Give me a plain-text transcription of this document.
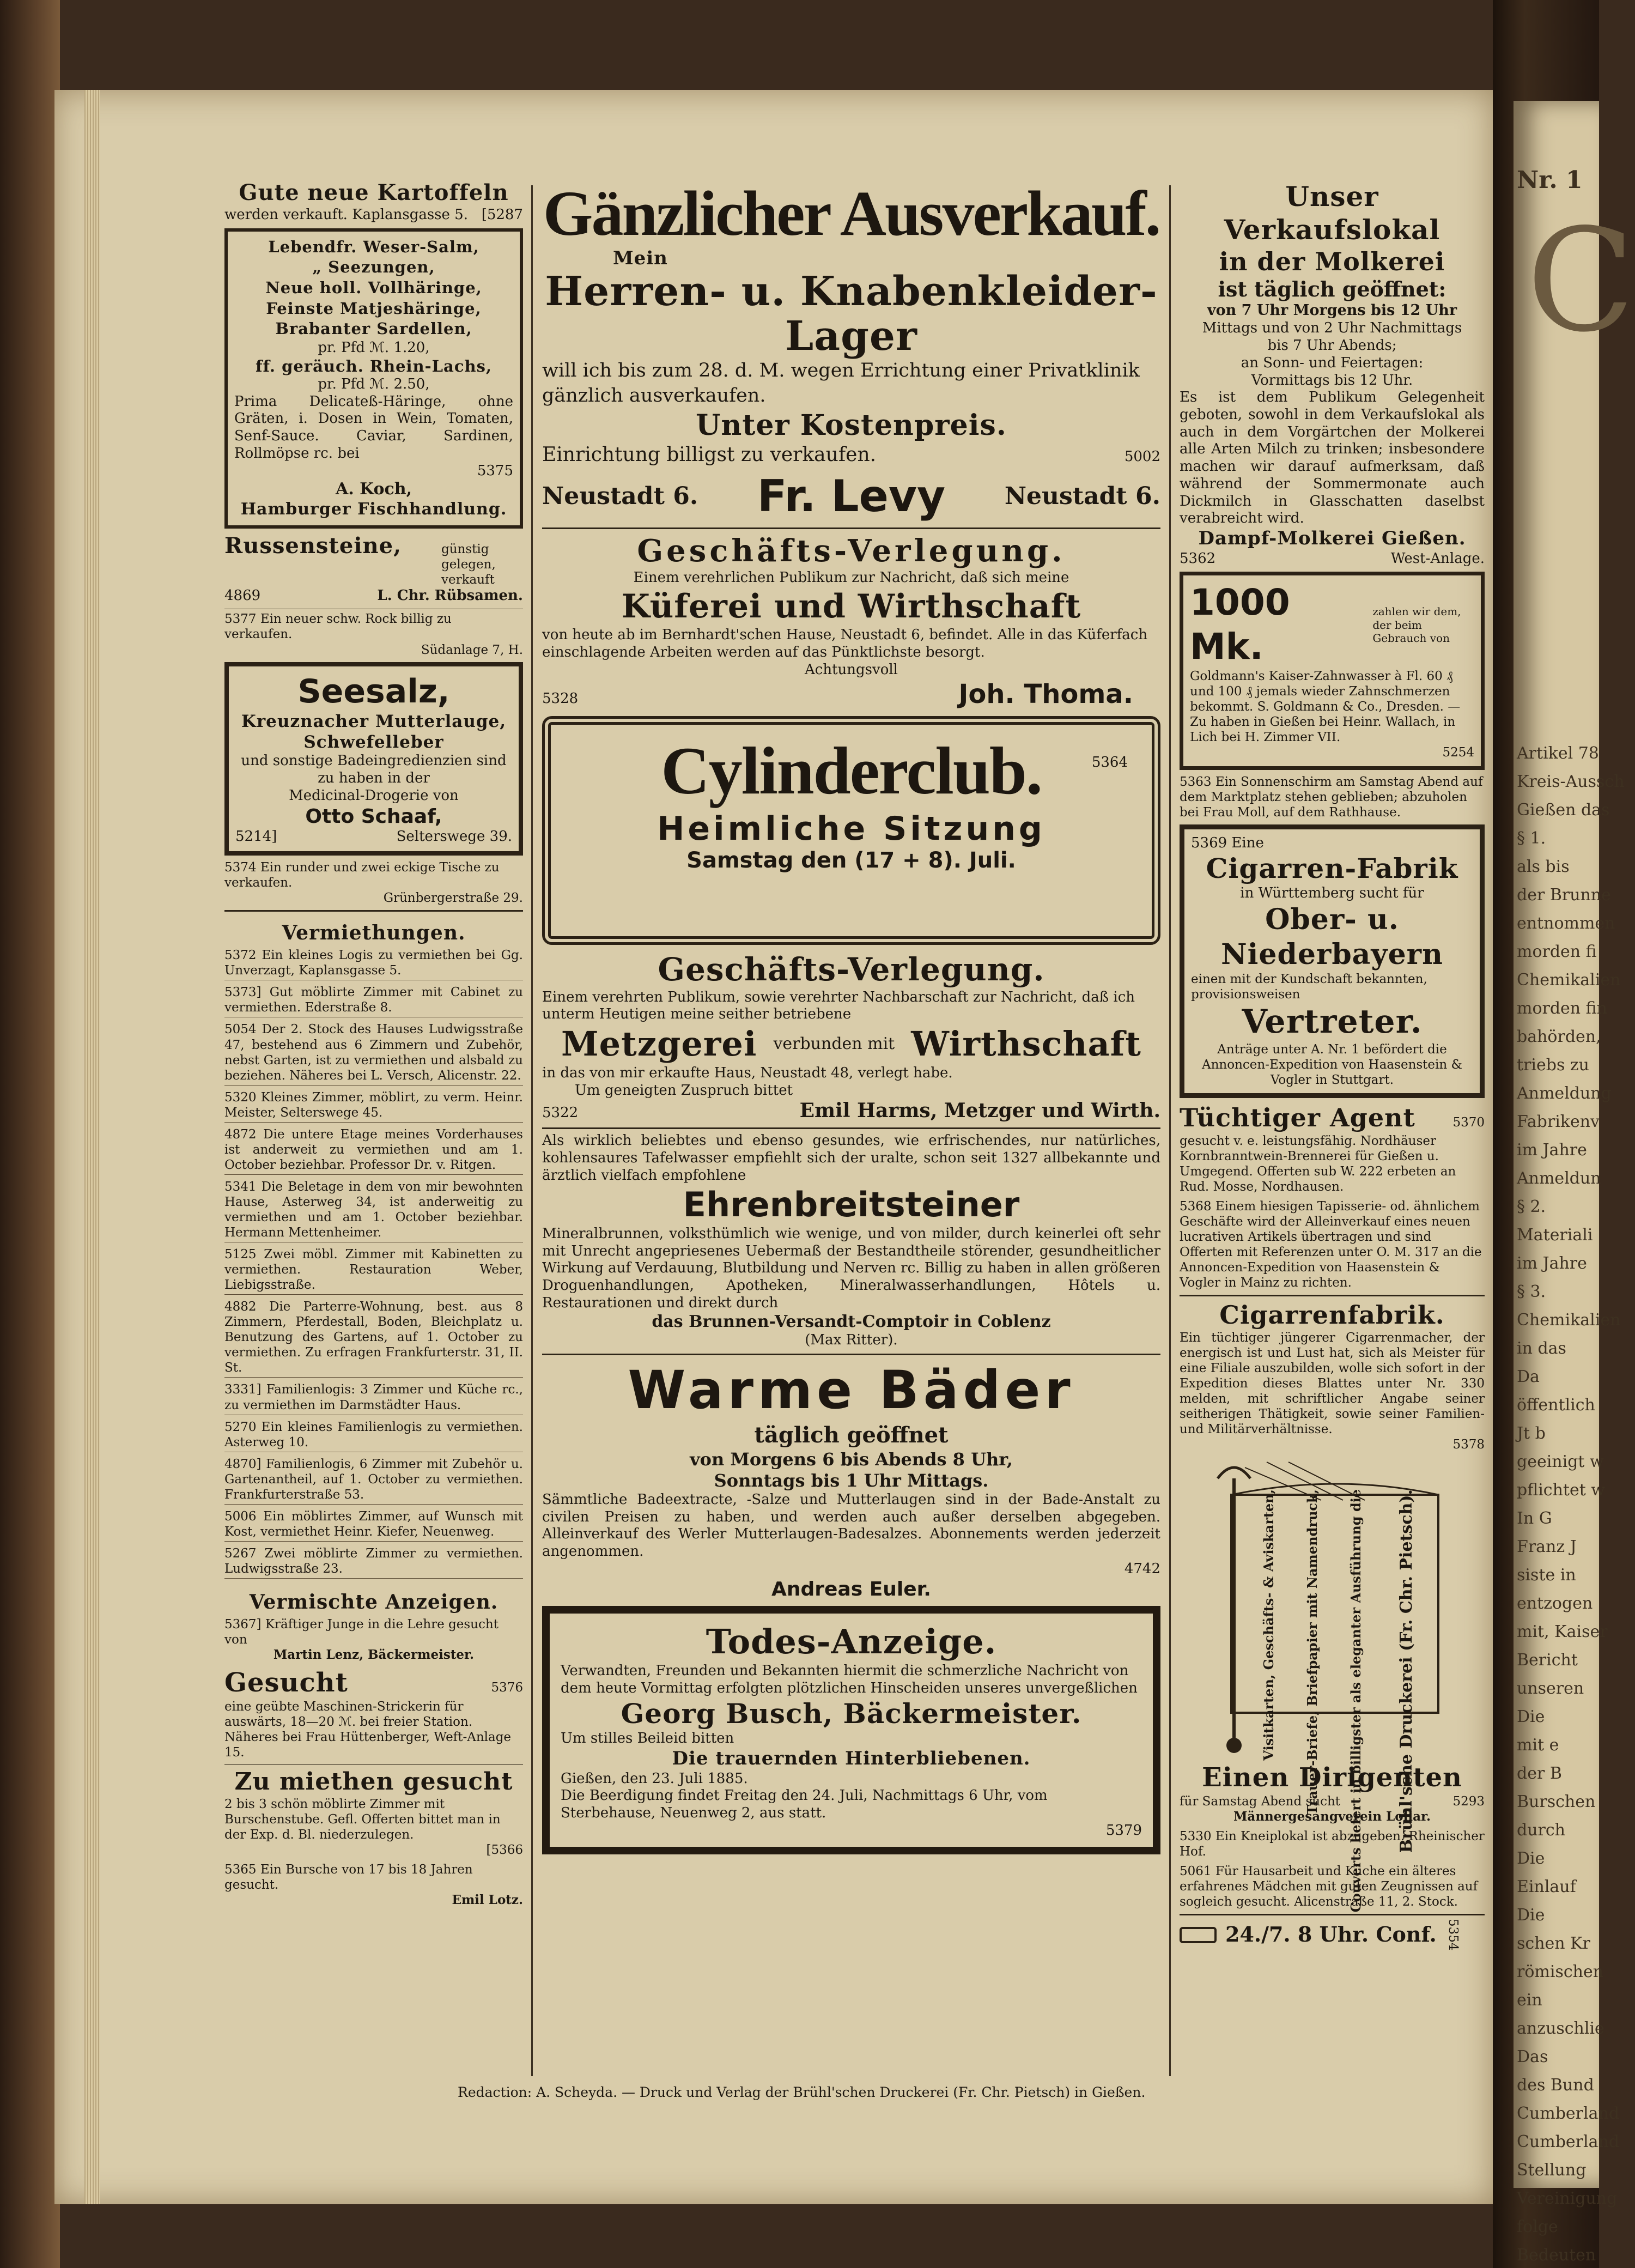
Nr. 1
C
Artikel 78
Kreis-Aussch
Gießen das
§ 1.
als bis
der Brunne
entnommen
morden fi
Chemikalien
morden fin
bahörden,
triebs zu
Anmeldung
Fabrikenv
im Jahre
Anmeldun
§ 2.
Materiali
im Jahre
§ 3.
Chemikalien
in das
Da
öffentlich
Jt b
geeinigt w
pflichtet w
In G
Franz J
siste in
entzogen
mit, Kaiser
Bericht
unseren
Die
mit e
der B
Burschen
durch
Die
Einlauf
Die
schen Kr
römischen
ein
anzuschlie
Das
des Bund
Cumberland
Cumberland
Stellung
Vereinigung
folge
Bedeuten
Gute neue Kartoffeln
werden verkauft. Kaplansgasse 5. [5287
Lebendfr. Weser-Salm,
„ Seezungen,
Neue holl. Vollhäringe,
Feinste Matjeshäringe,
Brabanter Sardellen,
pr. Pfd ℳ. 1.20,
ff. geräuch. Rhein-Lachs,
pr. Pfd ℳ. 2.50,
Prima Delicateß-Häringe, ohne Gräten, i. Dosen in Wein, Tomaten, Senf-Sauce. Caviar, Sardinen, Rollmöpse rc. bei
5375
A. Koch,
Hamburger Fischhandlung.
Russensteine,	günstig gelegen, verkauft
4869	L. Chr. Rübsamen.
5377 Ein neuer schw. Rock billig zu verkaufen.
Südanlage 7, H.
Seesalz,
Kreuznacher Mutterlauge,
Schwefelleber
und sonstige Badeingredienzien sind zu haben in der
Medicinal-Drogerie von
Otto Schaaf,
5214]	Selterswege 39.
5374 Ein runder und zwei eckige Tische zu verkaufen.
Grünbergerstraße 29.
Vermiethungen.
5372 Ein kleines Logis zu vermiethen bei Gg. Unverzagt, Kaplansgasse 5.
5373] Gut möblirte Zimmer mit Cabinet zu vermiethen. Ederstraße 8.
5054 Der 2. Stock des Hauses Ludwigsstraße 47, bestehend aus 6 Zimmern und Zubehör, nebst Garten, ist zu vermiethen und alsbald zu beziehen. Näheres bei L. Versch, Alicenstr. 22.
5320 Kleines Zimmer, möblirt, zu verm. Heinr. Meister, Selterswege 45.
4872 Die untere Etage meines Vorderhauses ist anderweit zu vermiethen und am 1. October beziehbar. Professor Dr. v. Ritgen.
5341 Die Beletage in dem von mir bewohnten Hause, Asterweg 34, ist anderweitig zu vermiethen und am 1. October beziehbar. Hermann Mettenheimer.
5125 Zwei möbl. Zimmer mit Kabinetten zu vermiethen. Restauration Weber, Liebigsstraße.
4882 Die Parterre-Wohnung, best. aus 8 Zimmern, Pferdestall, Boden, Bleichplatz u. Benutzung des Gartens, auf 1. October zu vermiethen. Zu erfragen Frankfurterstr. 31, II. St.
3331] Familienlogis: 3 Zimmer und Küche rc., zu vermiethen im Darmstädter Haus.
5270 Ein kleines Familienlogis zu vermiethen. Asterweg 10.
4870] Familienlogis, 6 Zimmer mit Zubehör u. Gartenantheil, auf 1. October zu vermiethen. Frankfurterstraße 53.
5006 Ein möblirtes Zimmer, auf Wunsch mit Kost, vermiethet Heinr. Kiefer, Neuenweg.
5267 Zwei möblirte Zimmer zu vermiethen. Ludwigsstraße 23.
Vermischte Anzeigen.
5367] Kräftiger Junge in die Lehre gesucht von
Martin Lenz, Bäckermeister.
Gesucht	5376
eine geübte Maschinen-Strickerin für auswärts, 18—20 ℳ. bei freier Station. Näheres bei Frau Hüttenberger, Weft-Anlage 15.
Zu miethen gesucht
2 bis 3 schön möblirte Zimmer mit Burschenstube. Gefl. Offerten bittet man in der Exp. d. Bl. niederzulegen.
[5366
5365 Ein Bursche von 17 bis 18 Jahren gesucht.
Emil Lotz.
Gänzlicher Ausverkauf.
Mein
Herren- u. Knabenkleider-Lager
will ich bis zum 28. d. M. wegen Errichtung einer Privatklinik gänzlich ausverkaufen.
Unter Kostenpreis.
Einrichtung billigst zu verkaufen.	5002
Neustadt 6. Fr. Levy Neustadt 6.
Geschäfts-Verlegung.
Einem verehrlichen Publikum zur Nachricht, daß sich meine
Küferei und Wirthschaft
von heute ab im Bernhardt'schen Hause, Neustadt 6, befindet. Alle in das Küferfach einschlagende Arbeiten werden auf das Pünktlichste besorgt.
Achtungsvoll
5328	Joh. Thoma.
Cylinderclub.	5364
Heimliche Sitzung
Samstag den (17 + 8). Juli.
Geschäfts-Verlegung.
Einem verehrten Publikum, sowie verehrter Nachbarschaft zur Nachricht, daß ich unterm Heutigen meine seither betriebene
Metzgerei verbunden mit Wirthschaft
in das von mir erkaufte Haus, Neustadt 48, verlegt habe.
Um geneigten Zuspruch bittet
5322	Emil Harms, Metzger und Wirth.
Als wirklich beliebtes und ebenso gesundes, wie erfrischendes, nur natürliches, kohlensaures Tafelwasser empfiehlt sich der uralte, schon seit 1327 allbekannte und ärztlich vielfach empfohlene
Ehrenbreitsteiner
Mineralbrunnen, volksthümlich wie wenige, und von milder, durch keinerlei oft sehr mit Unrecht angepriesenes Uebermaß der Bestandtheile störender, gesundheitlicher Wirkung auf Verdauung, Blutbildung und Nerven rc. Billig zu haben in allen größeren Droguenhandlungen, Apotheken, Mineralwasserhandlungen, Hôtels u. Restaurationen und direkt durch
das Brunnen-Versandt-Comptoir in Coblenz
(Max Ritter).
Warme Bäder
täglich geöffnet
von Morgens 6 bis Abends 8 Uhr,
Sonntags bis 1 Uhr Mittags.
Sämmtliche Badeextracte, -Salze und Mutterlaugen sind in der Bade-Anstalt zu civilen Preisen zu haben, und werden auch außer derselben abgegeben. Alleinverkauf des Werler Mutterlaugen-Badesalzes. Abonnements werden jederzeit angenommen.
4742
Andreas Euler.
Todes-Anzeige.
Verwandten, Freunden und Bekannten hiermit die schmerzliche Nachricht von dem heute Vormittag erfolgten plötzlichen Hinscheiden unseres unvergeßlichen
Georg Busch, Bäckermeister.
Um stilles Beileid bitten
Die trauernden Hinterbliebenen.
Gießen, den 23. Juli 1885.
Die Beerdigung findet Freitag den 24. Juli, Nachmittags 6 Uhr, vom Sterbehause, Neuenweg 2, aus statt.
5379
Unser Verkaufslokal
in der Molkerei
ist täglich geöffnet:
von 7 Uhr Morgens bis 12 Uhr
Mittags und von 2 Uhr Nachmittags
bis 7 Uhr Abends;
an Sonn- und Feiertagen:
Vormittags bis 12 Uhr.
Es ist dem Publikum Gelegenheit geboten, sowohl in dem Verkaufslokal als auch in dem Vorgärtchen der Molkerei alle Arten Milch zu trinken; insbesondere machen wir darauf aufmerksam, daß während der Sommermonate auch Dickmilch in Glasschatten daselbst verabreicht wird.
Dampf-Molkerei Gießen.
5362	West-Anlage.
1000 Mk.
zahlen wir dem, der beim Gebrauch von
Goldmann's Kaiser-Zahnwasser à Fl. 60 ₰ und 100 ₰ jemals wieder Zahnschmerzen bekommt. S. Goldmann & Co., Dresden. — Zu haben in Gießen bei Heinr. Wallach, in Lich bei H. Zimmer VII.
5254
5363 Ein Sonnenschirm am Samstag Abend auf dem Marktplatz stehen geblieben; abzuholen bei Frau Moll, auf dem Rathhause.
5369 Eine
Cigarren-Fabrik
in Württemberg sucht für
Ober- u. Niederbayern
einen mit der Kundschaft bekannten, provisionsweisen
Vertreter.
Anträge unter A. Nr. 1 befördert die Annoncen-Expedition von Haasenstein & Vogler in Stuttgart.
Tüchtiger Agent	5370
gesucht v. e. leistungsfähig. Nordhäuser Kornbranntwein-Brennerei für Gießen u. Umgegend. Offerten sub W. 222 erbeten an Rud. Mosse, Nordhausen.
5368 Einem hiesigen Tapisserie- od. ähnlichem Geschäfte wird der Alleinverkauf eines neuen lucrativen Artikels übertragen und sind Offerten mit Referenzen unter O. M. 317 an die Annoncen-Expedition von Haasenstein & Vogler in Mainz zu richten.
Cigarrenfabrik.
Ein tüchtiger jüngerer Cigarrenmacher, der energisch ist und Lust hat, sich als Meister für eine Filiale auszubilden, wolle sich sofort in der Expedition dieses Blattes unter Nr. 330 melden, mit schriftlicher Angabe seiner seitherigen Thätigkeit, sowie seiner Familien- und Militärverhältnisse.
5378
Visitkarten, Geschäfts- & Aviskarten, Trauer-Briefe, Briefpapier mit Namendruck, Couverts liefert in billigster als eleganter Ausführung die Brühl'sche Druckerei (Fr. Chr. Pietsch).
Einen Dirigenten
für Samstag Abend sucht	5293
Männergesangverein Lollar.
5330 Ein Kneiplokal ist abzugeben. Rheinischer Hof.
5061 Für Hausarbeit und Küche ein älteres erfahrenes Mädchen mit guten Zeugnissen auf sogleich gesucht. Alicenstraße 11, 2. Stock.
24./7. 8 Uhr. Conf. 5354
Redaction: A. Scheyda. — Druck und Verlag der Brühl'schen Druckerei (Fr. Chr. Pietsch) in Gießen.
